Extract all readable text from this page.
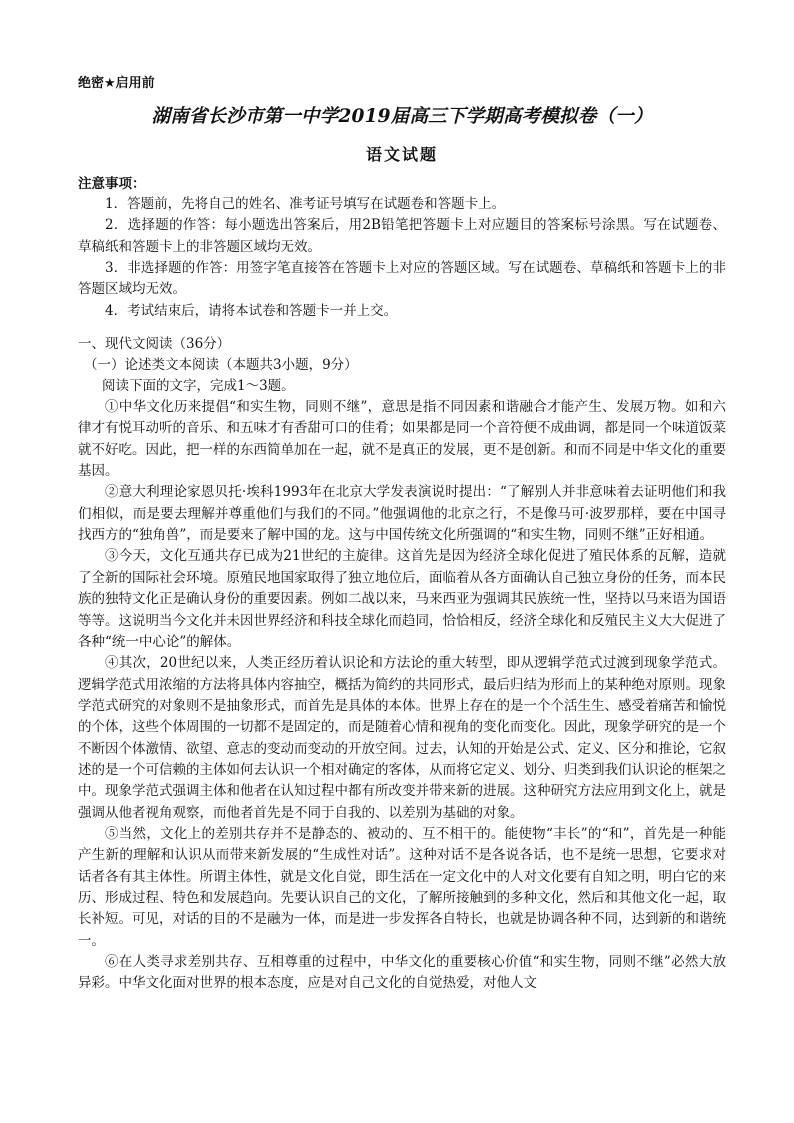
绝密★启用前

湖南省长沙市第一中学2019届高三下学期高考模拟卷（一）

语文试题

注意事项：

1．答题前，先将自己的姓名、准考证号填写在试题卷和答题卡上。

2．选择题的作答：每小题选出答案后，用2B铅笔把答题卡上对应题目的答案标号涂黑。写在试题卷、草稿纸和答题卡上的非答题区域均无效。

3．非选择题的作答：用签字笔直接答在答题卡上对应的答题区域。写在试题卷、草稿纸和答题卡上的非答题区域均无效。

4．考试结束后，请将本试卷和答题卡一并上交。

一、现代文阅读（36分）

（一）论述类文本阅读（本题共3小题，9分）

阅读下面的文字，完成1～3题。

①中华文化历来提倡“和实生物，同则不继”，意思是指不同因素和谐融合才能产生、发展万物。如和六律才有悦耳动听的音乐、和五味才有香甜可口的佳肴；如果都是同一个音符便不成曲调，都是同一个味道饭菜就不好吃。因此，把一样的东西简单加在一起，就不是真正的发展，更不是创新。和而不同是中华文化的重要基因。

②意大利理论家恩贝托·埃科1993年在北京大学发表演说时提出：“了解别人并非意味着去证明他们和我们相似，而是要去理解并尊重他们与我们的不同。”他强调他的北京之行，不是像马可·波罗那样，要在中国寻找西方的“独角兽”，而是要来了解中国的龙。这与中国传统文化所强调的“和实生物，同则不继”正好相通。

③今天，文化互通共存已成为21世纪的主旋律。这首先是因为经济全球化促进了殖民体系的瓦解，造就了全新的国际社会环境。原殖民地国家取得了独立地位后，面临着从各方面确认自己独立身份的任务，而本民族的独特文化正是确认身份的重要因素。例如二战以来，马来西亚为强调其民族统一性，坚持以马来语为国语等等。这说明当今文化并未因世界经济和科技全球化而趋同，恰恰相反，经济全球化和反殖民主义大大促进了各种“统一中心论”的解体。

④其次，20世纪以来，人类正经历着认识论和方法论的重大转型，即从逻辑学范式过渡到现象学范式。逻辑学范式用浓缩的方法将具体内容抽空，概括为简约的共同形式，最后归结为形而上的某种绝对原则。现象学范式研究的对象则不是抽象形式，而首先是具体的本体。世界上存在的是一个个活生生、感受着痛苦和愉悦的个体，这些个体周围的一切都不是固定的，而是随着心情和视角的变化而变化。因此，现象学研究的是一个不断因个体激情、欲望、意志的变动而变动的开放空间。过去，认知的开始是公式、定义、区分和推论，它叙述的是一个可信赖的主体如何去认识一个相对确定的客体，从而将它定义、划分、归类到我们认识论的框架之中。现象学范式强调主体和他者在认知过程中都有所改变并带来新的进展。这种研究方法应用到文化上，就是强调从他者视角观察，而他者首先是不同于自我的、以差别为基础的对象。

⑤当然，文化上的差别共存并不是静态的、被动的、互不相干的。能使物“丰长”的“和”，首先是一种能产生新的理解和认识从而带来新发展的“生成性对话”。这种对话不是各说各话，也不是统一思想，它要求对话者各有其主体性。所谓主体性，就是文化自觉，即生活在一定文化中的人对文化要有自知之明，明白它的来历、形成过程、特色和发展趋向。先要认识自己的文化，了解所接触到的多种文化，然后和其他文化一起，取长补短。可见，对话的目的不是融为一体，而是进一步发挥各自特长，也就是协调各种不同，达到新的和谐统一。

⑥在人类寻求差别共存、互相尊重的过程中，中华文化的重要核心价值“和实生物，同则不继”必然大放异彩。中华文化面对世界的根本态度，应是对自己文化的自觉热爱，对他人文
